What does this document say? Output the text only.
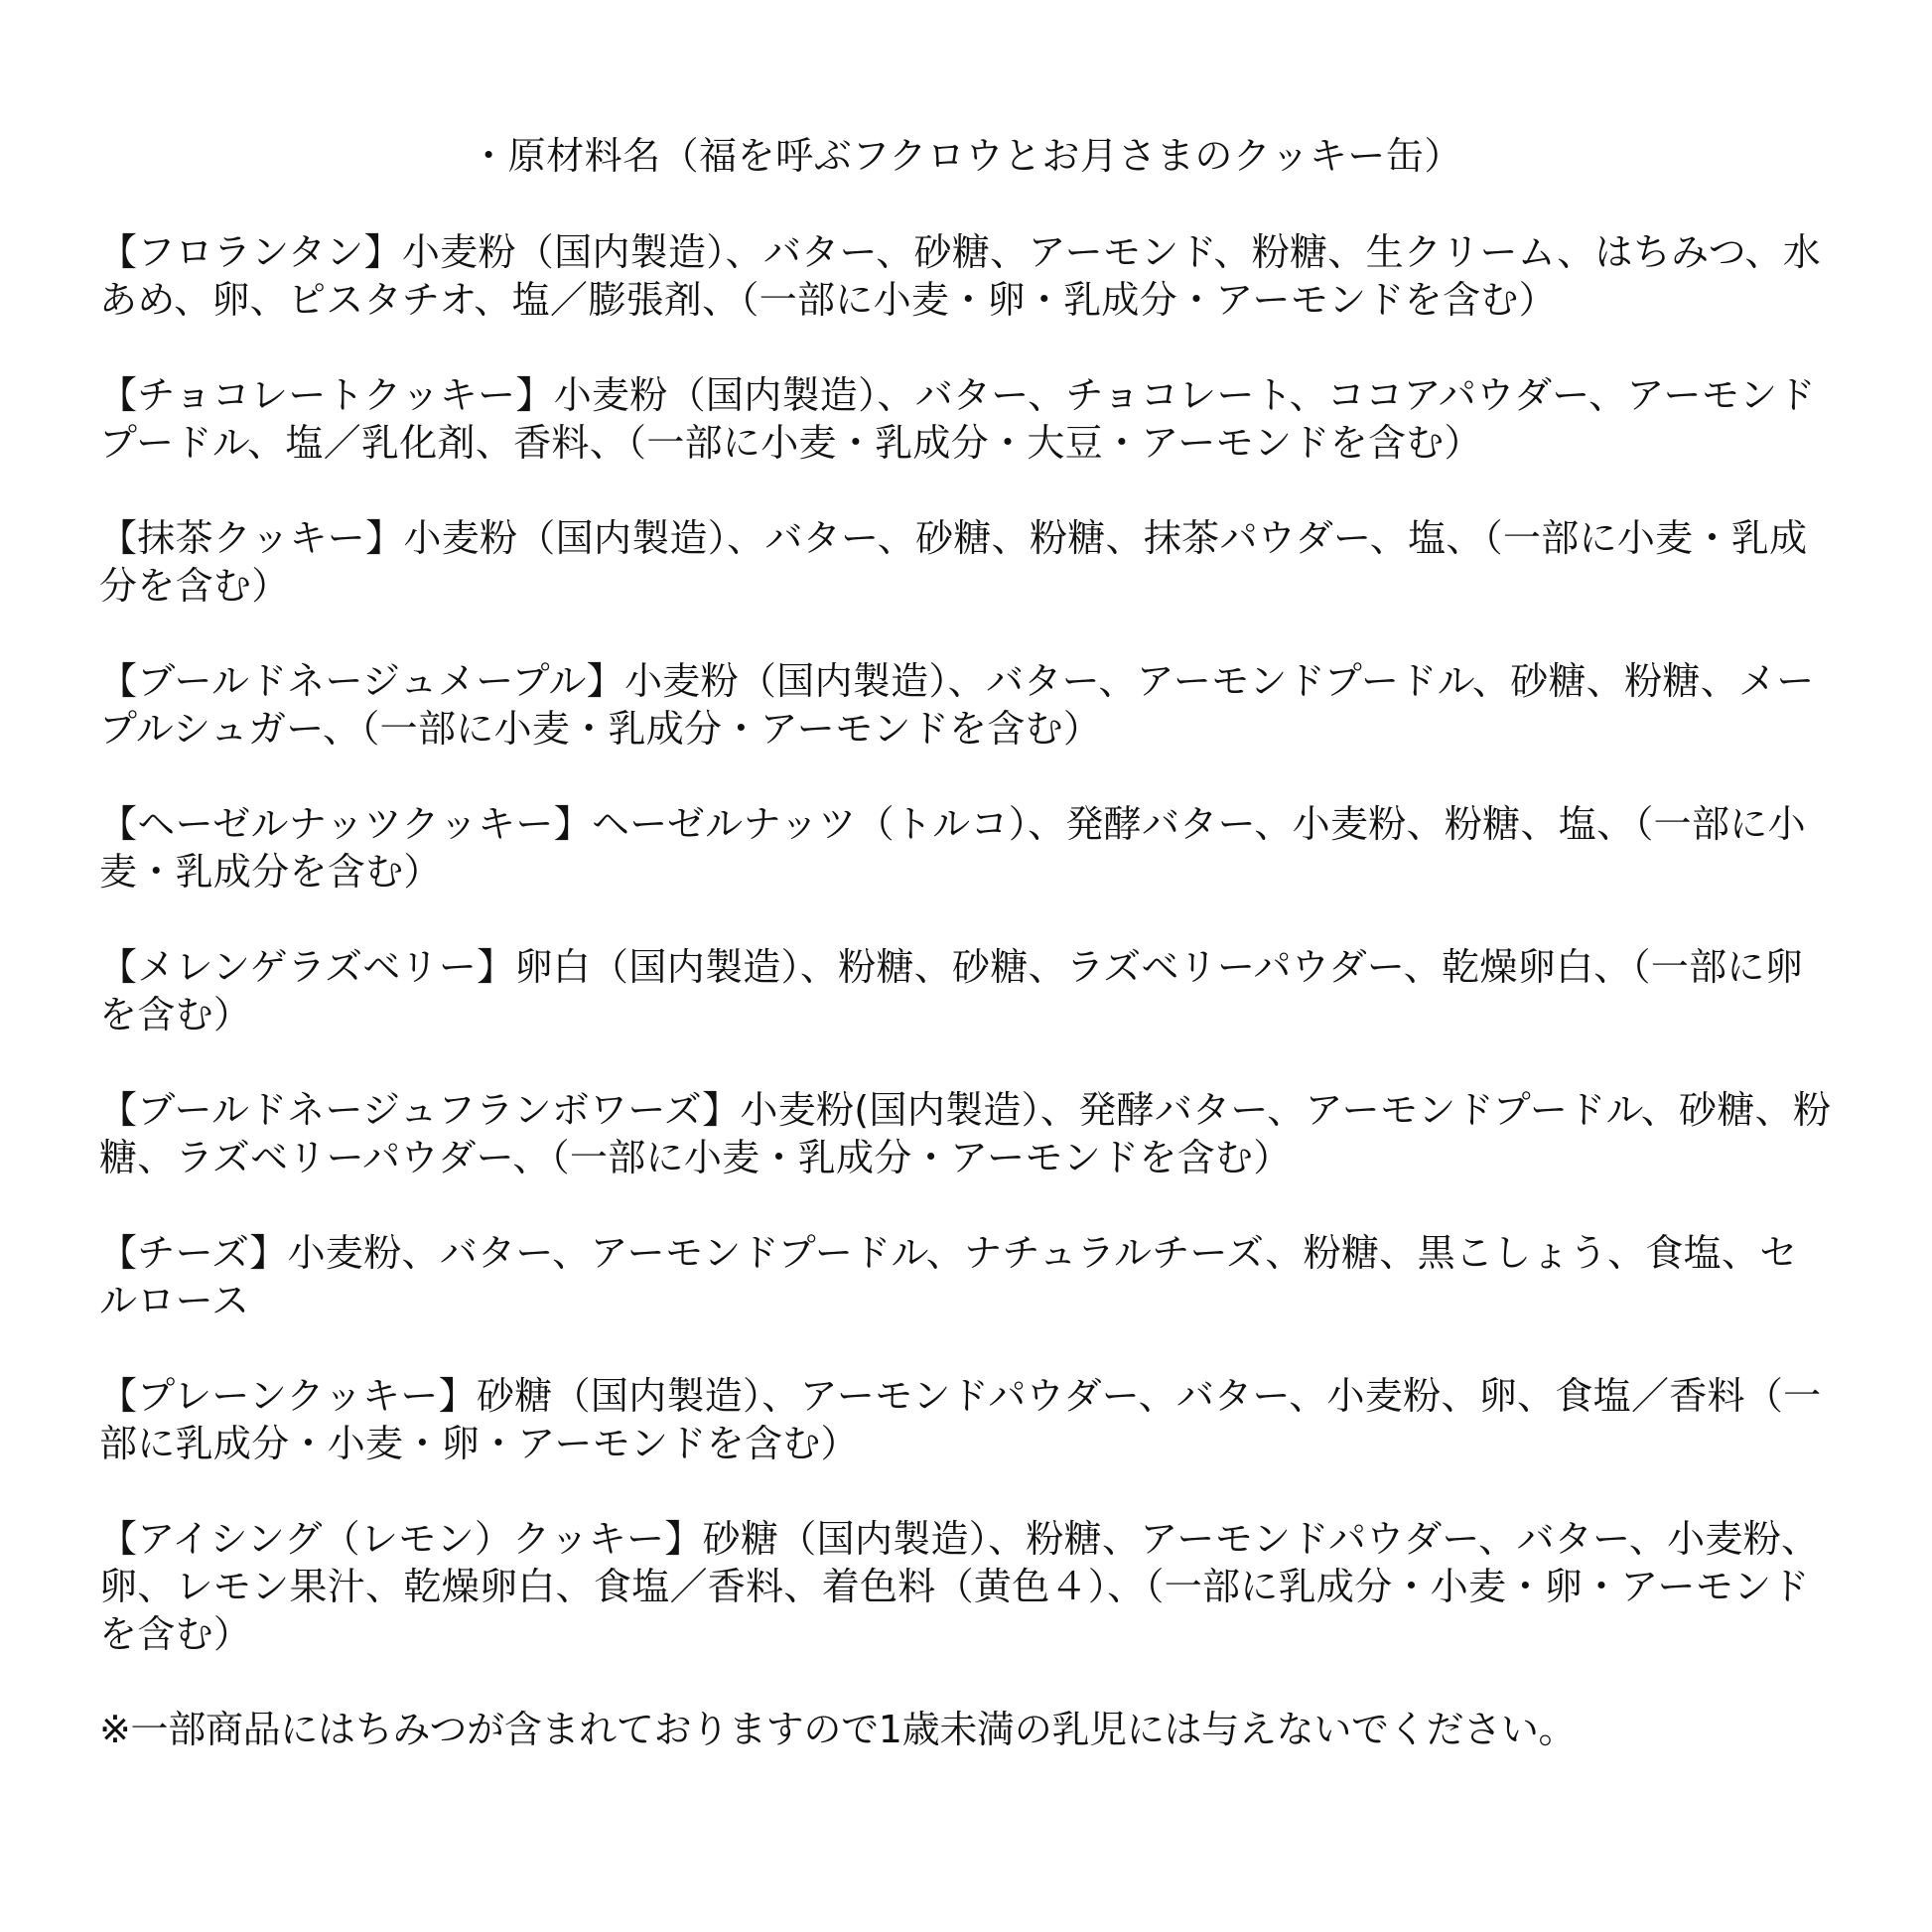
・原材料名（福を呼ぶフクロウとお月さまのクッキー缶）

【フロランタン】小麦粉（国内製造）、バター、砂糖、アーモンド、粉糖、生クリーム、はちみつ、水あめ、卵、ピスタチオ、塩／膨張剤、（一部に小麦・卵・乳成分・アーモンドを含む）

【チョコレートクッキー】小麦粉（国内製造）、バター、チョコレート、ココアパウダー、アーモンドプードル、塩／乳化剤、香料、（一部に小麦・乳成分・大豆・アーモンドを含む）

【抹茶クッキー】小麦粉（国内製造）、バター、砂糖、粉糖、抹茶パウダー、塩、（一部に小麦・乳成分を含む）

【ブールドネージュメープル】小麦粉（国内製造）、バター、アーモンドプードル、砂糖、粉糖、メープルシュガー、（一部に小麦・乳成分・アーモンドを含む）

【ヘーゼルナッツクッキー】ヘーゼルナッツ（トルコ）、発酵バター、小麦粉、粉糖、塩、（一部に小麦・乳成分を含む）

【メレンゲラズベリー】卵白（国内製造）、粉糖、砂糖、ラズベリーパウダー、乾燥卵白、（一部に卵を含む）

【ブールドネージュフランボワーズ】小麦粉(国内製造）、発酵バター、アーモンドプードル、砂糖、粉糖、ラズベリーパウダー、（一部に小麦・乳成分・アーモンドを含む）

【チーズ】小麦粉、バター、アーモンドプードル、ナチュラルチーズ、粉糖、黒こしょう、食塩、セルロース

【プレーンクッキー】砂糖（国内製造）、アーモンドパウダー、バター、小麦粉、卵、食塩／香料（一部に乳成分・小麦・卵・アーモンドを含む）

【アイシング（レモン）クッキー】砂糖（国内製造）、粉糖、アーモンドパウダー、バター、小麦粉、卵、レモン果汁、乾燥卵白、食塩／香料、着色料（黄色４）、（一部に乳成分・小麦・卵・アーモンドを含む）

※一部商品にはちみつが含まれておりますので1歳未満の乳児には与えないでください。
